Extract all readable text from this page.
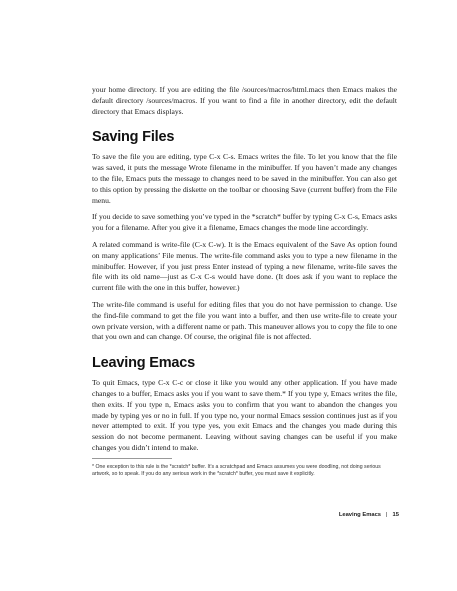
your home directory. If you are editing the file /sources/macros/html.macs then Emacs makes the default directory /sources/macros. If you want to find a file in another directory, edit the default directory that Emacs displays.

Saving Files

To save the file you are editing, type C-x C-s. Emacs writes the file. To let you know that the file was saved, it puts the message Wrote filename in the minibuffer. If you haven’t made any changes to the file, Emacs puts the message to changes need to be saved in the minibuffer. You can also get to this option by pressing the diskette on the toolbar or choosing Save (current buffer) from the File menu.

If you decide to save something you’ve typed in the *scratch* buffer by typing C-x C-s, Emacs asks you for a filename. After you give it a filename, Emacs changes the mode line accordingly.

A related command is write-file (C-x C-w). It is the Emacs equivalent of the Save As option found on many applications’ File menus. The write-file command asks you to type a new filename in the minibuffer. However, if you just press Enter instead of typing a new filename, write-file saves the file with its old name—just as C-x C-s would have done. (It does ask if you want to replace the current file with the one in this buffer, however.)

The write-file command is useful for editing files that you do not have permission to change. Use the find-file command to get the file you want into a buffer, and then use write-file to create your own private version, with a different name or path. This maneuver allows you to copy the file to one that you own and can change. Of course, the original file is not affected.

Leaving Emacs

To quit Emacs, type C-x C-c or close it like you would any other application. If you have made changes to a buffer, Emacs asks you if you want to save them.* If you type y, Emacs writes the file, then exits. If you type n, Emacs asks you to confirm that you want to abandon the changes you made by typing yes or no in full. If you type no, your normal Emacs session continues just as if you never attempted to exit. If you type yes, you exit Emacs and the changes you made during this session do not become permanent. Leaving without saving changes can be useful if you make changes you didn’t intend to make.

* One exception to this rule is the *scratch* buffer. It’s a scratchpad and Emacs assumes you were doodling, not doing serious artwork, so to speak. If you do any serious work in the *scratch* buffer, you must save it explicitly.
Leaving Emacs | 15
